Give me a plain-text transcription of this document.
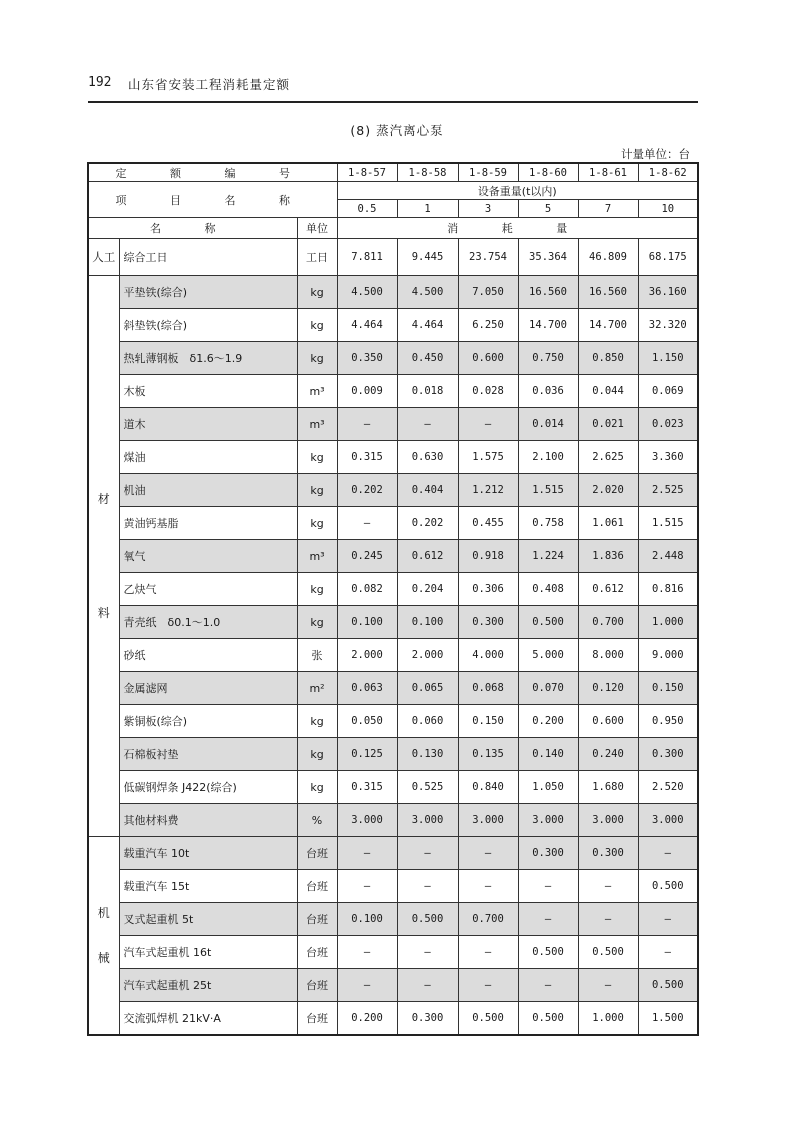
192 山东省安装工程消耗量定额
(8) 蒸汽离心泵
计量单位：台
定 额 编 号			1-8-57	1-8-58	1-8-59	1-8-60	1-8-61	1-8-62
项 目 名 称			设备重量(t以内)					
			0.5	1	3	5	7	10
名 称		单位	消 耗 量					
人工	综合工日	工日	7.811	9.445	23.754	35.364	46.809	68.175

材
料	平垫铁(综合)	kg	4.500	4.500	7.050	16.560	16.560	36.160
	斜垫铁(综合)	kg	4.464	4.464	6.250	14.700	14.700	32.320
	热轧薄钢板　δ1.6～1.9	kg	0.350	0.450	0.600	0.750	0.850	1.150
	木板	m³	0.009	0.018	0.028	0.036	0.044	0.069
	道木	m³	—	—	—	0.014	0.021	0.023
	煤油	kg	0.315	0.630	1.575	2.100	2.625	3.360
	机油	kg	0.202	0.404	1.212	1.515	2.020	2.525
	黄油钙基脂	kg	—	0.202	0.455	0.758	1.061	1.515
	氧气	m³	0.245	0.612	0.918	1.224	1.836	2.448
	乙炔气	kg	0.082	0.204	0.306	0.408	0.612	0.816
	青壳纸　δ0.1～1.0	kg	0.100	0.100	0.300	0.500	0.700	1.000
	砂纸	张	2.000	2.000	4.000	5.000	8.000	9.000
	金属滤网	m²	0.063	0.065	0.068	0.070	0.120	0.150
	紫铜板(综合)	kg	0.050	0.060	0.150	0.200	0.600	0.950
	石棉板衬垫	kg	0.125	0.130	0.135	0.140	0.240	0.300
	低碳钢焊条 J422(综合)	kg	0.315	0.525	0.840	1.050	1.680	2.520
	其他材料费	%	3.000	3.000	3.000	3.000	3.000	3.000

机
械	载重汽车 10t	台班	—	—	—	0.300	0.300	—
	载重汽车 15t	台班	—	—	—	—	—	0.500
	叉式起重机 5t	台班	0.100	0.500	0.700	—	—	—
	汽车式起重机 16t	台班	—	—	—	0.500	0.500	—
	汽车式起重机 25t	台班	—	—	—	—	—	0.500
	交流弧焊机 21kV·A	台班	0.200	0.300	0.500	0.500	1.000	1.500
